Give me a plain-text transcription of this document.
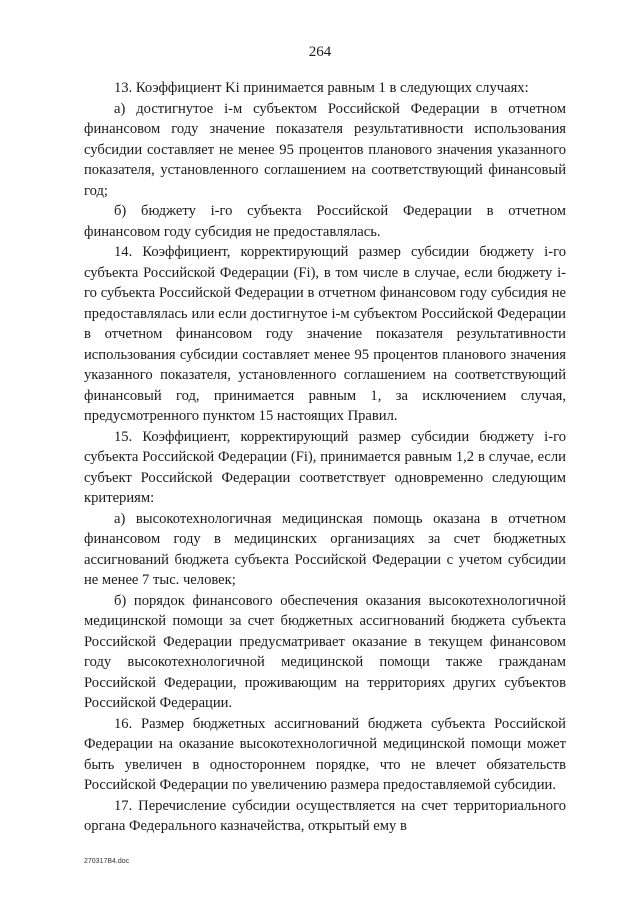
264

13. Коэффициент Ki принимается равным 1 в следующих случаях:

а) достигнутое i-м субъектом Российской Федерации в отчетном финансовом году значение показателя результативности использования субсидии составляет не менее 95 процентов планового значения указанного показателя, установленного соглашением на соответствующий финансовый год;

б) бюджету i-го субъекта Российской Федерации в отчетном финансовом году субсидия не предоставлялась.

14. Коэффициент, корректирующий размер субсидии бюджету i-го субъекта Российской Федерации (Fi), в том числе в случае, если бюджету i-го субъекта Российской Федерации в отчетном финансовом году субсидия не предоставлялась или если достигнутое i-м субъектом Российской Федерации в отчетном финансовом году значение показателя результативности использования субсидии составляет менее 95 процентов планового значения указанного показателя, установленного соглашением на соответствующий финансовый год, принимается равным 1, за исключением случая, предусмотренного пунктом 15 настоящих Правил.

15. Коэффициент, корректирующий размер субсидии бюджету i-го субъекта Российской Федерации (Fi), принимается равным 1,2 в случае, если субъект Российской Федерации соответствует одновременно следующим критериям:

а) высокотехнологичная медицинская помощь оказана в отчетном финансовом году в медицинских организациях за счет бюджетных ассигнований бюджета субъекта Российской Федерации с учетом субсидии не менее 7 тыс. человек;

б) порядок финансового обеспечения оказания высокотехнологичной медицинской помощи за счет бюджетных ассигнований бюджета субъекта Российской Федерации предусматривает оказание в текущем финансовом году высокотехнологичной медицинской помощи также гражданам Российской Федерации, проживающим на территориях других субъектов Российской Федерации.

16. Размер бюджетных ассигнований бюджета субъекта Российской Федерации на оказание высокотехнологичной медицинской помощи может быть увеличен в одностороннем порядке, что не влечет обязательств Российской Федерации по увеличению размера предоставляемой субсидии.

17. Перечисление субсидии осуществляется на счет территориального органа Федерального казначейства, открытый ему в

270317В4.doc
